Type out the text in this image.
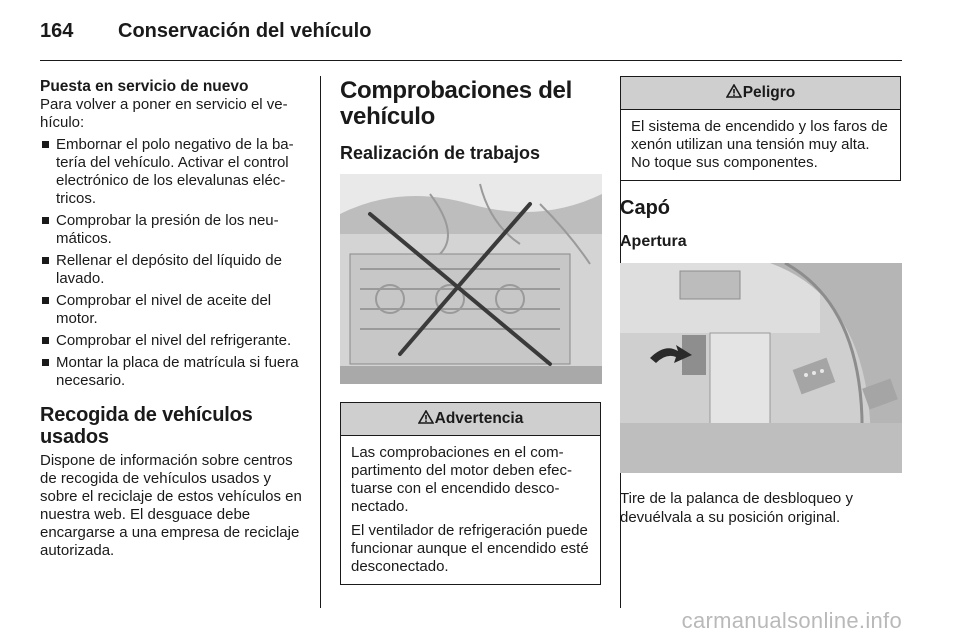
164 Conservación del vehículo

Puesta en servicio de nuevo

Para volver a poner en servicio el vehículo:

Embornar el polo negativo de la batería del vehículo. Activar el control electrónico de los elevalunas eléctricos.
Comprobar la presión de los neumáticos.
Rellenar el depósito del líquido de lavado.
Comprobar el nivel de aceite del motor.
Comprobar el nivel del refrigerante.
Montar la placa de matrícula si fuera necesario.

Recogida de vehículos usados

Dispone de información sobre centros de recogida de vehículos usados y sobre el reciclaje de estos vehículos en nuestra web. El desguace debe encargarse a una empresa de reciclaje autorizada.

Comprobaciones del vehículo

Realización de trabajos

Advertencia

Las comprobaciones en el compartimento del motor deben efectuarse con el encendido desconectado.

El ventilador de refrigeración puede funcionar aunque el encendido esté desconectado.

Peligro

El sistema de encendido y los faros de xenón utilizan una tensión muy alta. No toque sus componentes.

Capó

Apertura

Tire de la palanca de desbloqueo y devuélvala a su posición original.

carmanualsonline.info
